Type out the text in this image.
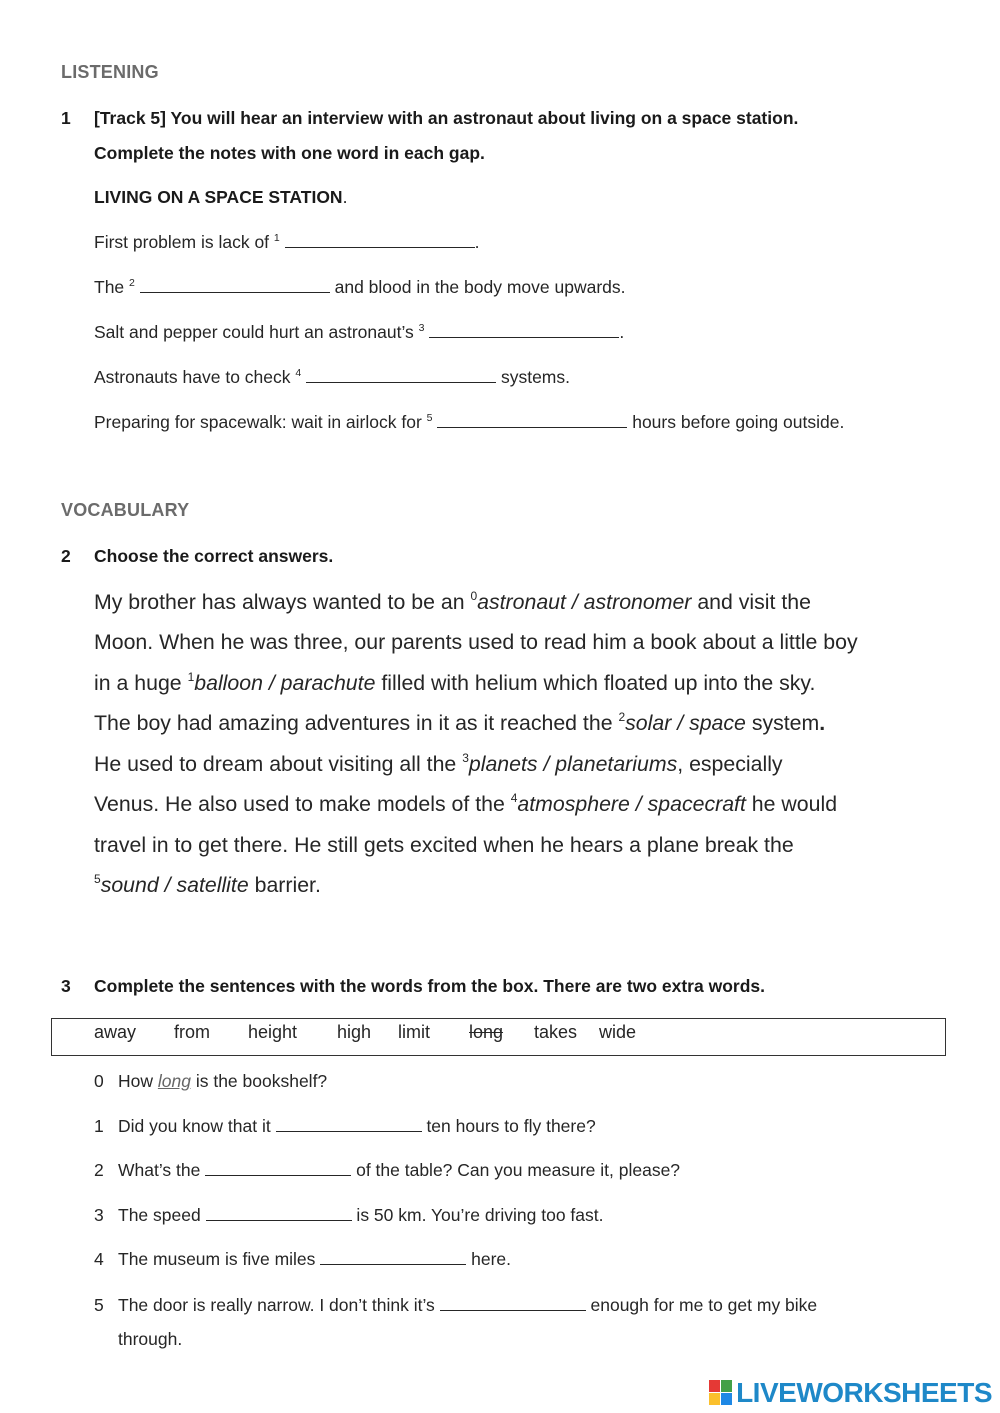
LISTENING
1 [Track 5] You will hear an interview with an astronaut about living on a space station.
Complete the notes with one word in each gap.
LIVING ON A SPACE STATION.
First problem is lack of $^1$	.
The $^2$	and blood in the body move upwards.
Salt and pepper could hurt an astronaut’s $^3$	.
Astronauts have to check $^4$	systems.
Preparing for spacewalk: wait in airlock for $^5$	hours before going outside.
VOCABULARY
2 Choose the correct answers.
My brother has always wanted to be an $^0$astronaut / astronomer and visit the
Moon. When he was three, our parents used to read him a book about a little boy
in a huge $^1$balloon / parachute filled with helium which floated up into the sky.
The boy had amazing adventures in it as it reached the $^2$solar / space system.
He used to dream about visiting all the $^3$planets / planetariums, especially
Venus. He also used to make models of the $^4$atmosphere / spacecraft he would
travel in to get there. He still gets excited when he hears a plane break the
$^5$sound / satellite barrier.
3 Complete the sentences with the words from the box. There are two extra words.
away from height high limit long takes wide
0 How long is the bookshelf?
1 Did you know that it	ten hours to fly there?
2 What’s the	of the table? Can you measure it, please?
3 The speed	is 50 km. You’re driving too fast.
4 The museum is five miles	here.
5 The door is really narrow. I don’t think it’s	enough for me to get my bike
through.
LIVEWORKSHEETS
